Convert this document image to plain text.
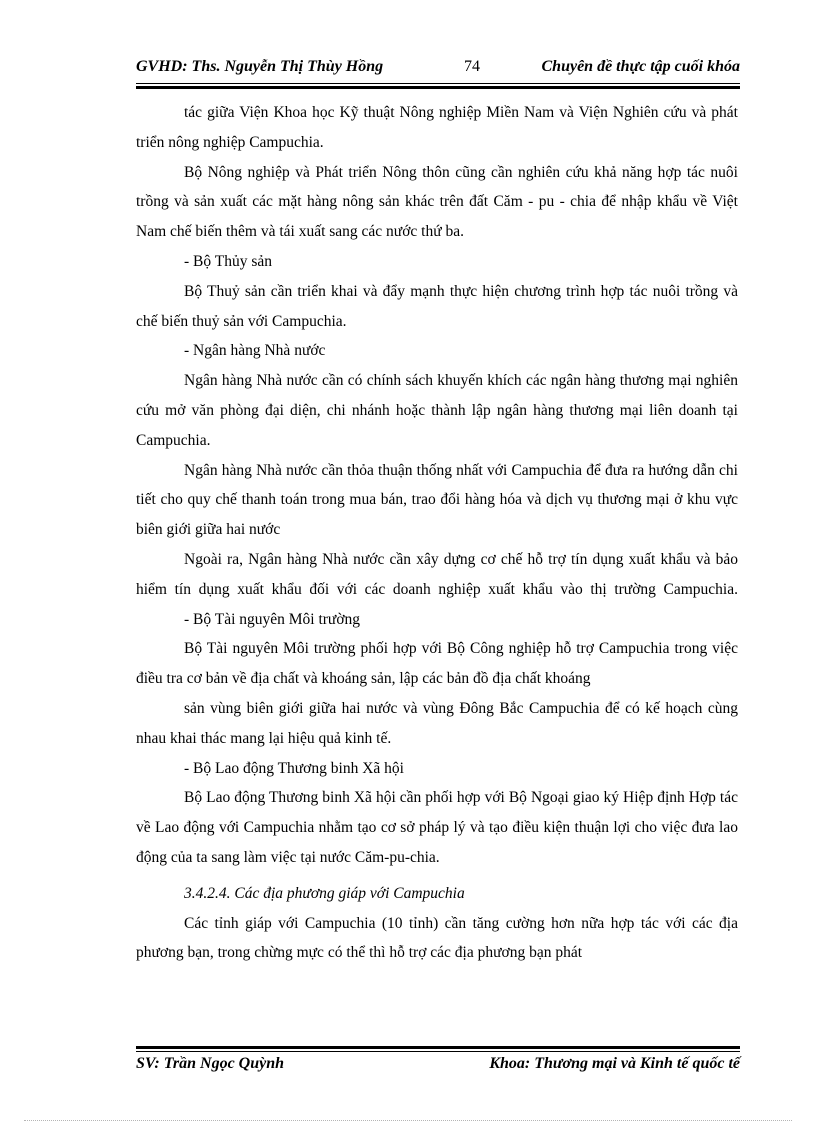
GVHD: Ths. Nguyễn Thị Thùy Hồng	74	Chuyên đề thực tập cuối khóa

tác giữa Viện Khoa học Kỹ thuật Nông nghiệp Miền Nam và Viện Nghiên cứu và phát triển nông nghiệp Campuchia.

Bộ Nông nghiệp và Phát triển Nông thôn cũng cần nghiên cứu khả năng hợp tác nuôi trồng và sản xuất các mặt hàng nông sản khác trên đất Căm - pu - chia để nhập khẩu về Việt Nam chế biến thêm và tái xuất sang các nước thứ ba.

- Bộ Thủy sản

Bộ Thuỷ sản cần triển khai và đẩy mạnh thực hiện chương trình hợp tác nuôi trồng và chế biến thuỷ sản với Campuchia.

- Ngân hàng Nhà nước

Ngân hàng Nhà nước cần có chính sách khuyến khích các ngân hàng thương mại nghiên cứu mở văn phòng đại diện, chi nhánh hoặc thành lập ngân hàng thương mại liên doanh tại Campuchia.

Ngân hàng Nhà nước cần thỏa thuận thống nhất với Campuchia để đưa ra hướng dẫn chi tiết cho quy chế thanh toán trong mua bán, trao đổi hàng hóa và dịch vụ thương mại ở khu vực biên giới giữa hai nước

Ngoài ra, Ngân hàng Nhà nước cần xây dựng cơ chế hỗ trợ tín dụng xuất khẩu và bảo hiểm tín dụng xuất khẩu đối với các doanh nghiệp xuất khẩu vào thị trường Campuchia.

- Bộ Tài nguyên Môi trường

Bộ Tài nguyên Môi trường phối hợp với Bộ Công nghiệp hỗ trợ Campuchia trong việc điều tra cơ bản về địa chất và khoáng sản, lập các bản đồ địa chất khoáng

sản vùng biên giới giữa hai nước và vùng Đông Bắc Campuchia để có kế hoạch cùng nhau khai thác mang lại hiệu quả kinh tế.

- Bộ Lao động Thương binh Xã hội

Bộ Lao động Thương binh Xã hội cần phối hợp với Bộ Ngoại giao ký Hiệp định Hợp tác về Lao động với Campuchia nhằm tạo cơ sở pháp lý và tạo điều kiện thuận lợi cho việc đưa lao động của ta sang làm việc tại nước Căm-pu-chia.

3.4.2.4. Các địa phương giáp với Campuchia

Các tỉnh giáp với Campuchia (10 tỉnh) cần tăng cường hơn nữa hợp tác với các địa phương bạn, trong chừng mực có thể thì hỗ trợ các địa phương bạn phát

SV: Trần Ngọc Quỳnh	Khoa: Thương mại và Kinh tế quốc tế
